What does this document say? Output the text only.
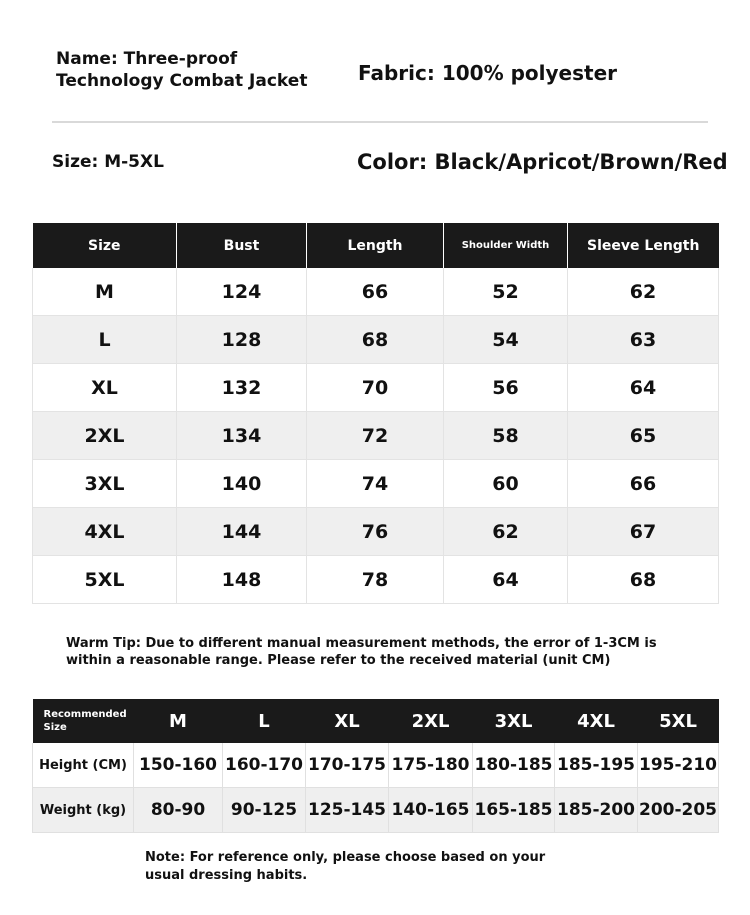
Name: Three-proof Technology Combat Jacket	Fabric: 100% polyester
Size: M-5XL	Color: Black/Apricot/Brown/Red
Size	Bust	Length	Shoulder Width	Sleeve Length
M	124	66	52	62
L	128	68	54	63
XL	132	70	56	64
2XL	134	72	58	65
3XL	140	74	60	66
4XL	144	76	62	67
5XL	148	78	64	68
Warm Tip: Due to different manual measurement methods, the error of 1-3CM is within a reasonable range. Please refer to the received material (unit CM)
Recommended Size	M	L	XL	2XL	3XL	4XL	5XL
Height (CM)	150-160	160-170	170-175	175-180	180-185	185-195	195-210
Weight (kg)	80-90	90-125	125-145	140-165	165-185	185-200	200-205
Note: For reference only, please choose based on your usual dressing habits.
